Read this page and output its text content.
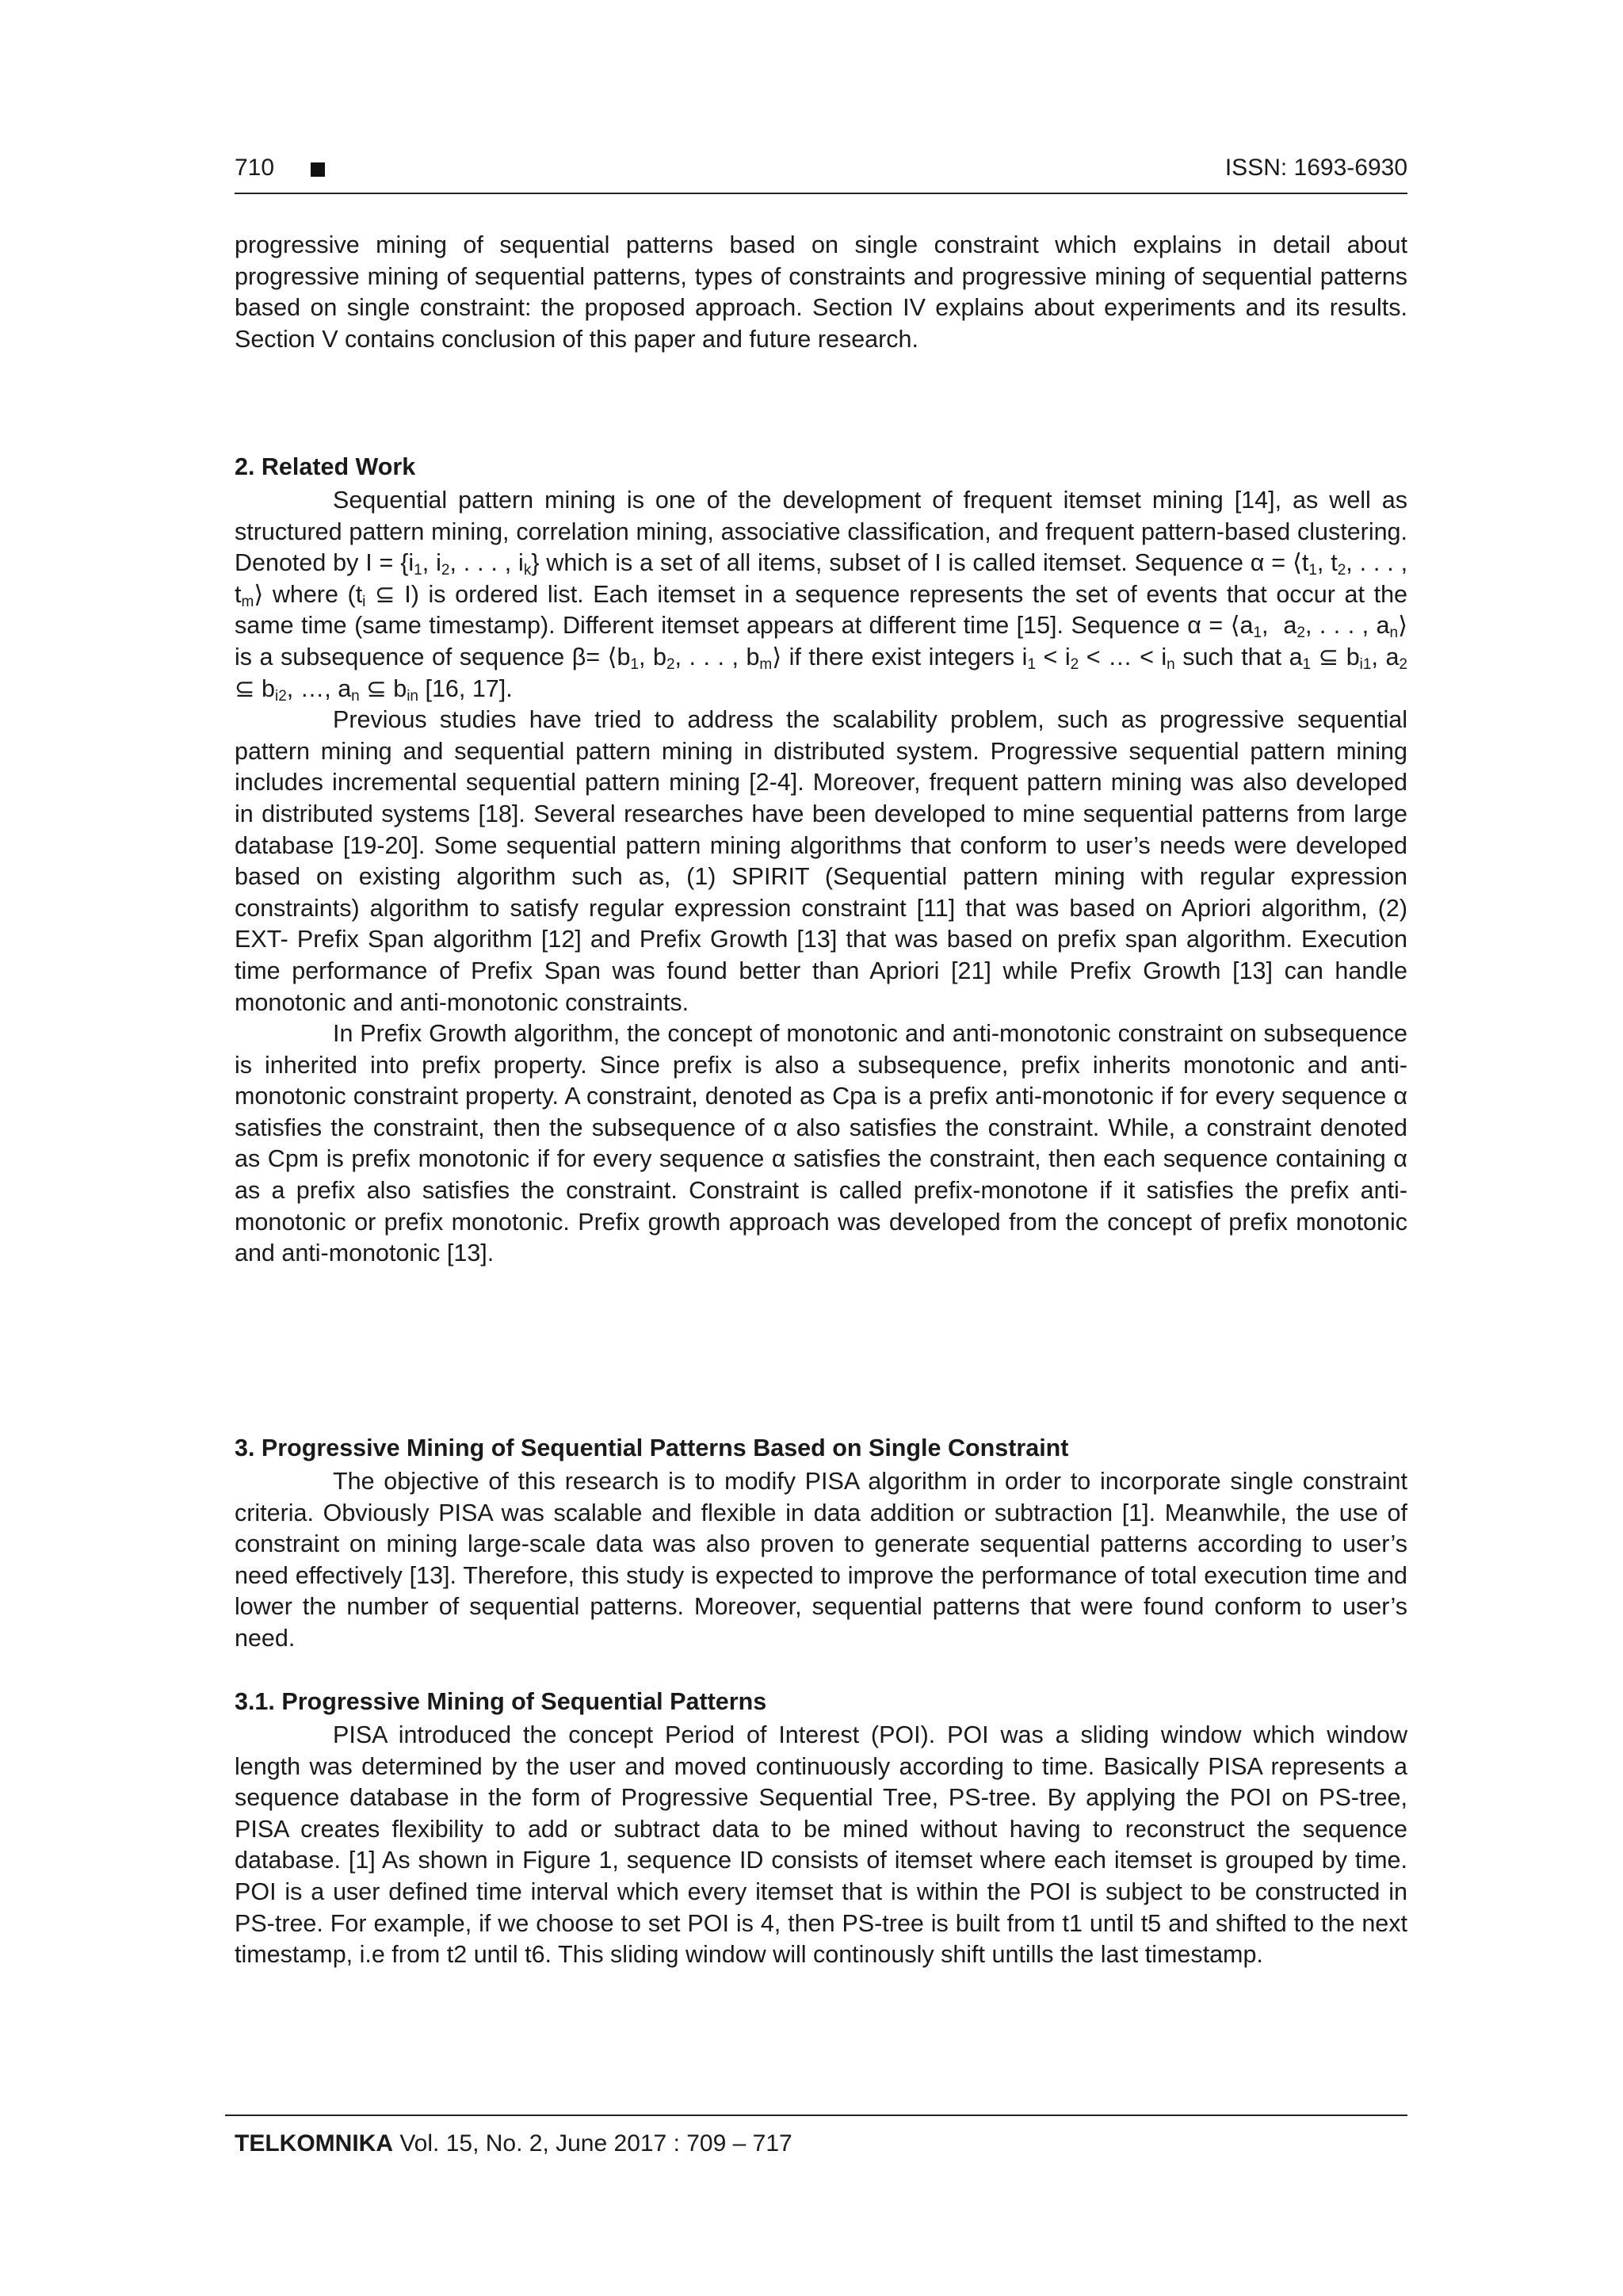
710	ISSN: 1693-6930

progressive mining of sequential patterns based on single constraint which explains in detail about progressive mining of sequential patterns, types of constraints and progressive mining of sequential patterns based on single constraint: the proposed approach. Section IV explains about experiments and its results. Section V contains conclusion of this paper and future research.

2. Related Work

Sequential pattern mining is one of the development of frequent itemset mining [14], as well as structured pattern mining, correlation mining, associative classification, and frequent pattern-based clustering. Denoted by $I = \{i_1$, $i_2$, . . . , $i_k$} which is a set of all items, subset of I is called itemset. Sequence $\alpha = ⟨t_1$, $t_2$, . . . , $t_m⟩$ where ($t_i$ ⊆ I) is ordered list. Each itemset in a sequence represents the set of events that occur at the same time (same timestamp). Different itemset appears at different time [15]. Sequence $\alpha = ⟨a_1$,  $a_2$, . . . , $a_n⟩$ is a subsequence of sequence $\beta= ⟨b_1$, $b_2$, . . . , $b_m⟩$ if there exist integers $i_1 < i_2$ < … < $i_n$ such that $a_1$ ⊆ $b_{i1}$, $a_2$ ⊆ $b_{i2}$, …, $a_n$ ⊆ $b_{in}$ [16, 17].

Previous studies have tried to address the scalability problem, such as progressive sequential pattern mining and sequential pattern mining in distributed system. Progressive sequential pattern mining includes incremental sequential pattern mining [2-4]. Moreover, frequent pattern mining was also developed in distributed systems [18]. Several researches have been developed to mine sequential patterns from large database [19-20]. Some sequential pattern mining algorithms that conform to user’s needs were developed based on existing algorithm such as, (1) SPIRIT (Sequential pattern mining with regular expression constraints) algorithm to satisfy regular expression constraint [11] that was based on Apriori algorithm, (2) EXT- Prefix Span algorithm [12] and Prefix Growth [13] that was based on prefix span algorithm. Execution time performance of Prefix Span was found better than Apriori [21] while Prefix Growth [13] can handle monotonic and anti-monotonic constraints.

In Prefix Growth algorithm, the concept of monotonic and anti-monotonic constraint on subsequence is inherited into prefix property. Since prefix is also a subsequence, prefix inherits monotonic and anti-monotonic constraint property. A constraint, denoted as Cpa is a prefix anti-monotonic if for every sequence α satisfies the constraint, then the subsequence of α also satisfies the constraint. While, a constraint denoted as Cpm is prefix monotonic if for every sequence α satisfies the constraint, then each sequence containing α as a prefix also satisfies the constraint. Constraint is called prefix-monotone if it satisfies the prefix anti-monotonic or prefix monotonic. Prefix growth approach was developed from the concept of prefix monotonic and anti-monotonic [13].

3. Progressive Mining of Sequential Patterns Based on Single Constraint

The objective of this research is to modify PISA algorithm in order to incorporate single constraint criteria. Obviously PISA was scalable and flexible in data addition or subtraction [1]. Meanwhile, the use of constraint on mining large-scale data was also proven to generate sequential patterns according to user’s need effectively [13]. Therefore, this study is expected to improve the performance of total execution time and lower the number of sequential patterns. Moreover, sequential patterns that were found conform to user’s need.

3.1. Progressive Mining of Sequential Patterns

PISA introduced the concept Period of Interest (POI). POI was a sliding window which window length was determined by the user and moved continuously according to time. Basically PISA represents a sequence database in the form of Progressive Sequential Tree, PS-tree. By applying the POI on PS-tree, PISA creates flexibility to add or subtract data to be mined without having to reconstruct the sequence database. [1] As shown in Figure 1, sequence ID consists of itemset where each itemset is grouped by time. POI is a user defined time interval which every itemset that is within the POI is subject to be constructed in PS-tree. For example, if we choose to set POI is 4, then PS-tree is built from t1 until t5 and shifted to the next timestamp, i.e from t2 until t6. This sliding window will continously shift untills the last timestamp.

TELKOMNIKA Vol. 15, No. 2, June 2017 : 709 – 717
